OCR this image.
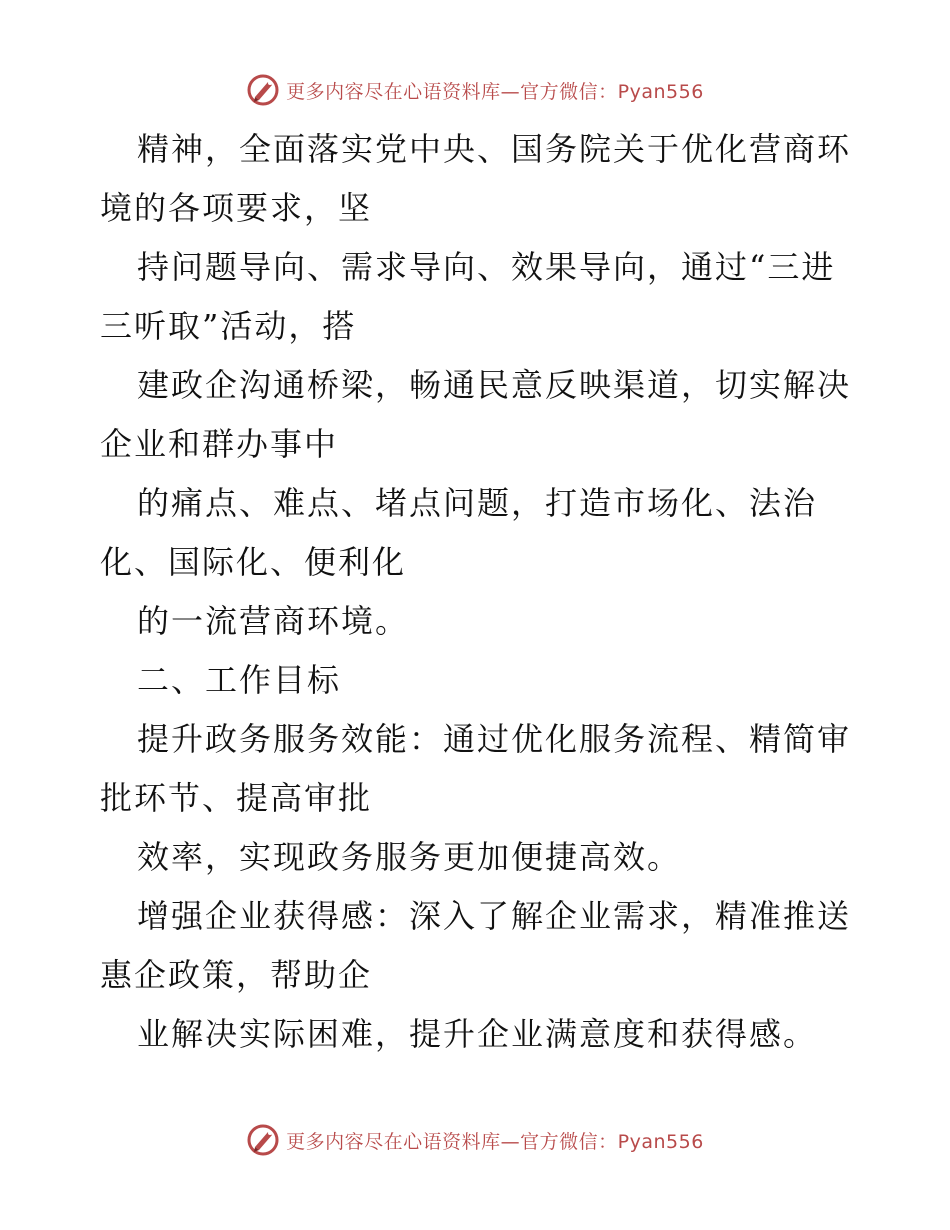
更多内容尽在心语资料库—官方微信：Pyan556
精神，全面落实党中央、国务院关于优化营商环
境的各项要求，坚
持问题导向、需求导向、效果导向，通过“三进
三听取”活动，搭
建政企沟通桥梁，畅通民意反映渠道，切实解决
企业和群办事中
的痛点、难点、堵点问题，打造市场化、法治
化、国际化、便利化
的一流营商环境。
二、工作目标
提升政务服务效能：通过优化服务流程、精简审
批环节、提高审批
效率，实现政务服务更加便捷高效。
增强企业获得感：深入了解企业需求，精准推送
惠企政策，帮助企
业解决实际困难，提升企业满意度和获得感。
更多内容尽在心语资料库—官方微信：Pyan556
